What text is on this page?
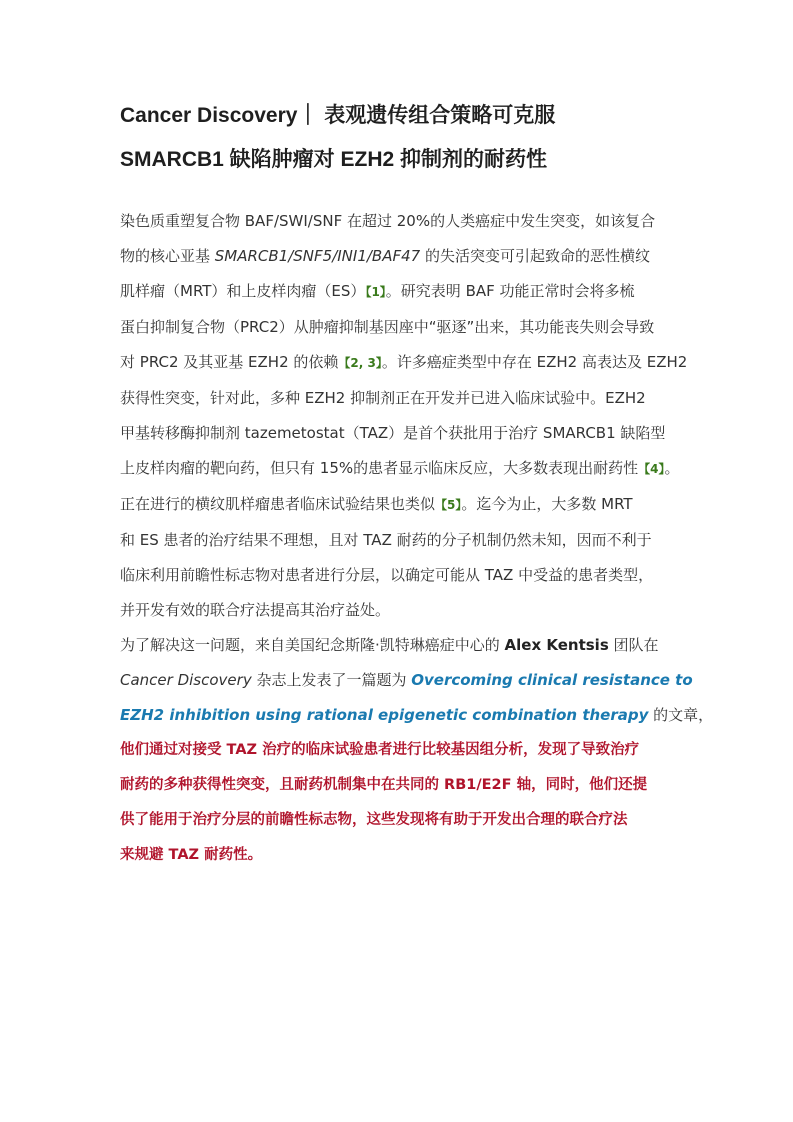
Cancer Discovery｜ 表观遗传组合策略可克服
SMARCB1 缺陷肿瘤对 EZH2 抑制剂的耐药性

染色质重塑复合物 BAF/SWI/SNF 在超过 20%的人类癌症中发生突变，如该复合
物的核心亚基 SMARCB1/SNF5/INI1/BAF47 的失活突变可引起致命的恶性横纹
肌样瘤（MRT）和上皮样肉瘤（ES）【1】。研究表明 BAF 功能正常时会将多梳
蛋白抑制复合物（PRC2）从肿瘤抑制基因座中“驱逐”出来，其功能丧失则会导致
对 PRC2 及其亚基 EZH2 的依赖【2, 3】。许多癌症类型中存在 EZH2 高表达及 EZH2
获得性突变，针对此，多种 EZH2 抑制剂正在开发并已进入临床试验中。EZH2
甲基转移酶抑制剂 tazemetostat（TAZ）是首个获批用于治疗 SMARCB1 缺陷型
上皮样肉瘤的靶向药，但只有 15%的患者显示临床反应，大多数表现出耐药性【4】。
正在进行的横纹肌样瘤患者临床试验结果也类似【5】。迄今为止，大多数 MRT
和 ES 患者的治疗结果不理想，且对 TAZ 耐药的分子机制仍然未知，因而不利于
临床利用前瞻性标志物对患者进行分层，以确定可能从 TAZ 中受益的患者类型，
并开发有效的联合疗法提高其治疗益处。

为了解决这一问题，来自美国纪念斯隆·凯特琳癌症中心的 Alex Kentsis 团队在
Cancer Discovery 杂志上发表了一篇题为 Overcoming clinical resistance to
EZH2 inhibition using rational epigenetic combination therapy 的文章，

他们通过对接受 TAZ 治疗的临床试验患者进行比较基因组分析，发现了导致治疗
耐药的多种获得性突变，且耐药机制集中在共同的 RB1/E2F 轴，同时，他们还提
供了能用于治疗分层的前瞻性标志物，这些发现将有助于开发出合理的联合疗法
来规避 TAZ 耐药性。
